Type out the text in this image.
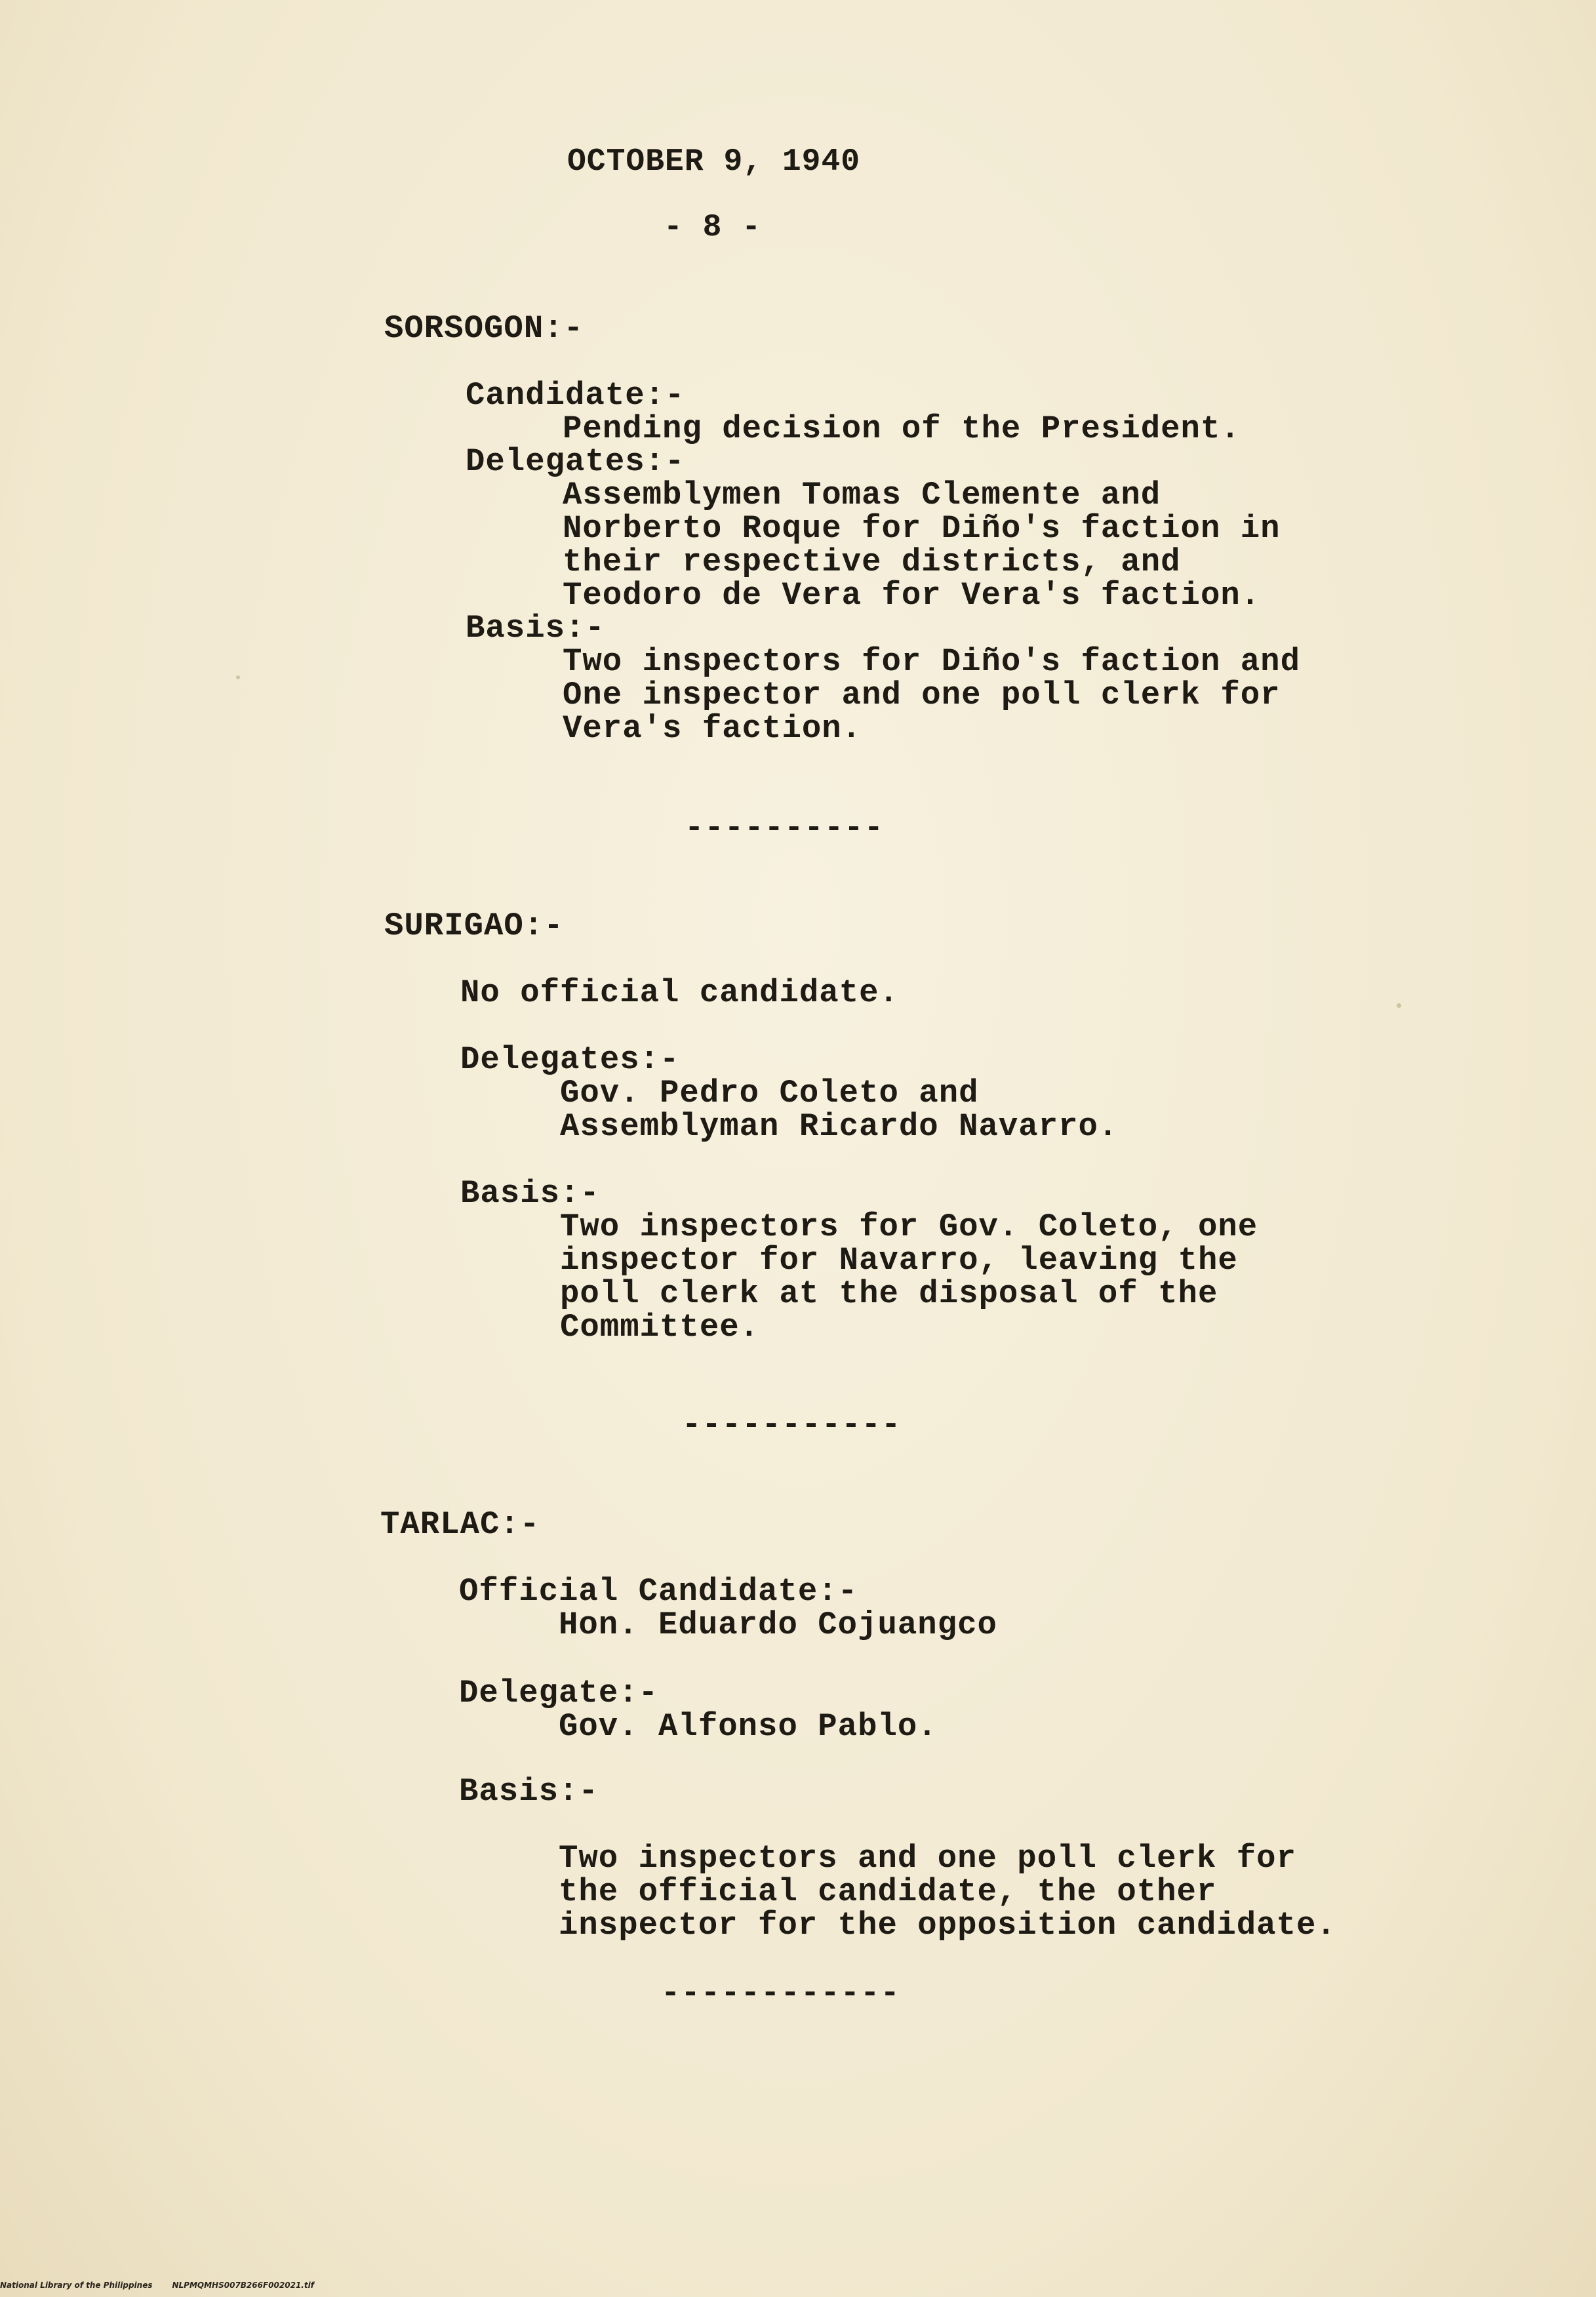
OCTOBER 9, 1940
- 8 -
SORSOGON:-
Candidate:-
Pending decision of the President.
Delegates:-
Assemblymen Tomas Clemente and
Norberto Roque for Diño's faction in
their respective districts, and
Teodoro de Vera for Vera's faction.
Basis:-
Two inspectors for Diño's faction and
One inspector and one poll clerk for
Vera's faction.
----------
SURIGAO:-
No official candidate.
Delegates:-
Gov. Pedro Coleto and
Assemblyman Ricardo Navarro.
Basis:-
Two inspectors for Gov. Coleto, one
inspector for Navarro, leaving the
poll clerk at the disposal of the
Committee.
-----------
TARLAC:-
Official Candidate:-
Hon. Eduardo Cojuangco
Delegate:-
Gov. Alfonso Pablo.
Basis:-
Two inspectors and one poll clerk for
the official candidate, the other
inspector for the opposition candidate.
------------
National Library of the Philippines	NLPMQMHS007B266F002021.tif
